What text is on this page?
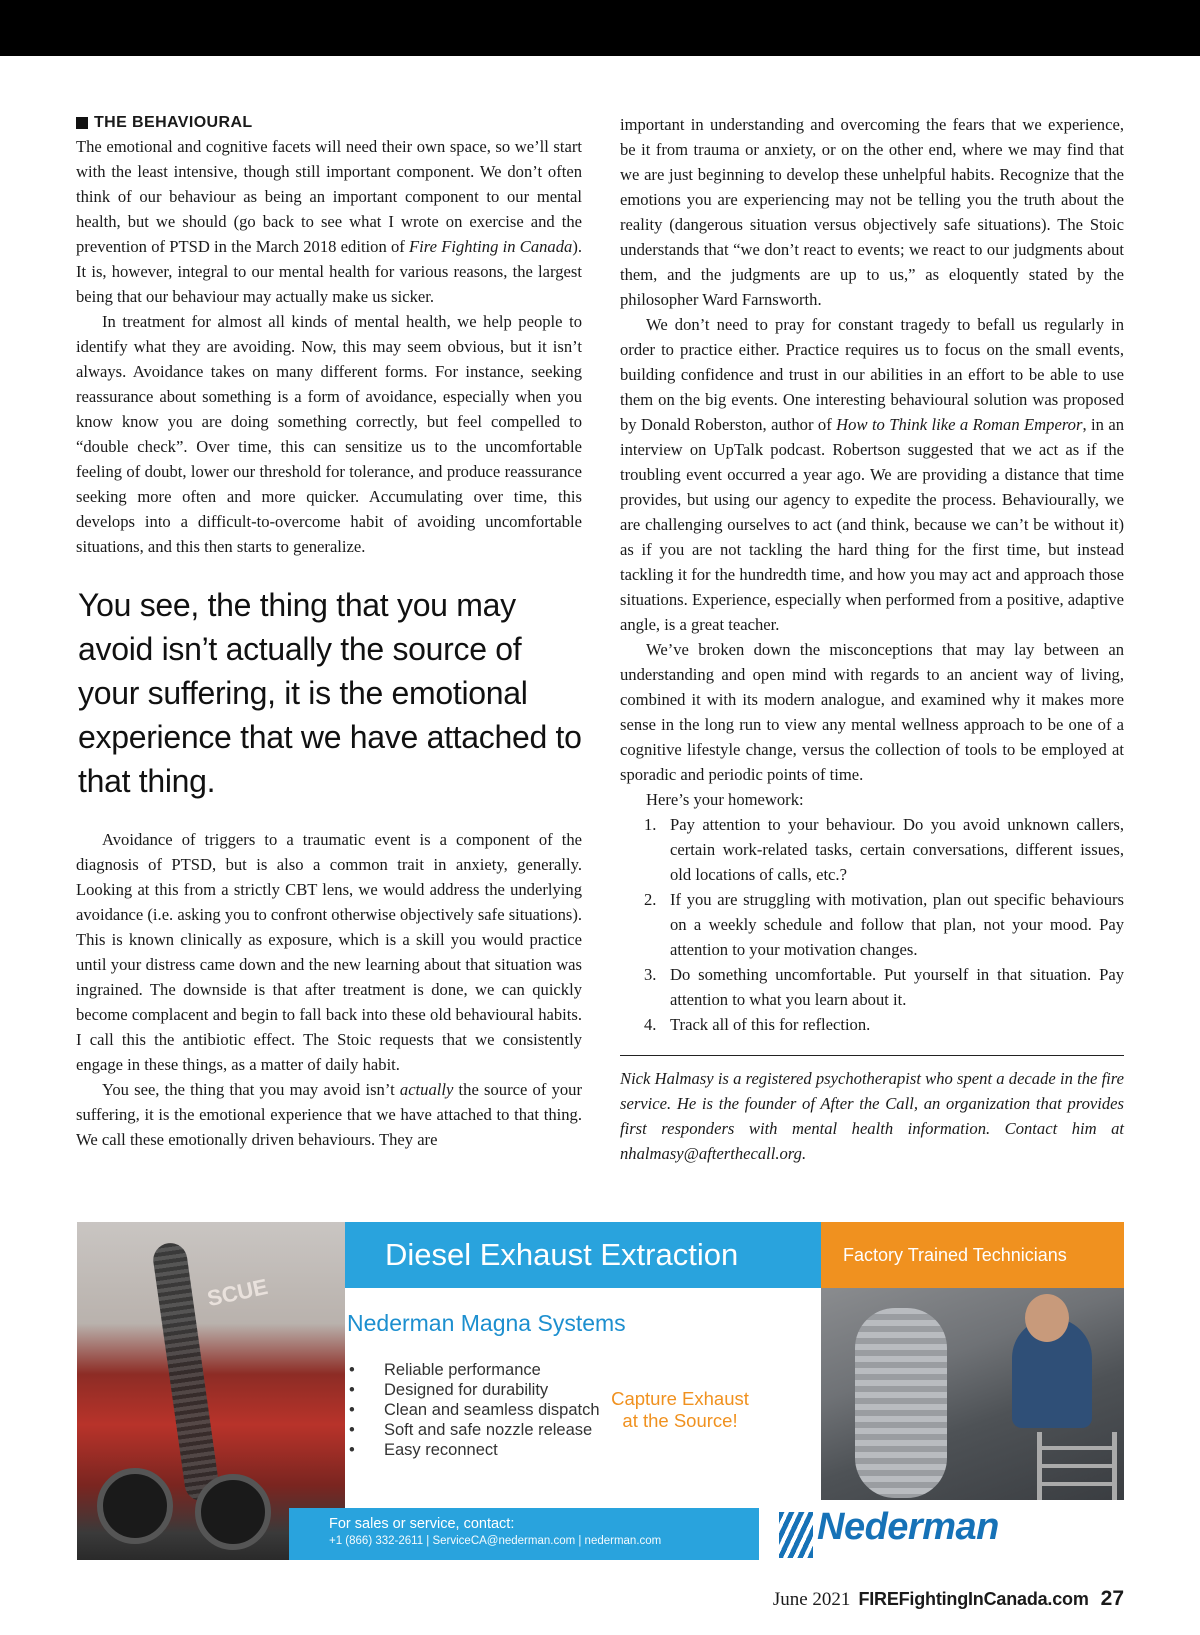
THE BEHAVIOURAL

The emotional and cognitive facets will need their own space, so we’ll start with the least intensive, though still important component. We don’t often think of our behaviour as being an important component to our mental health, but we should (go back to see what I wrote on exercise and the prevention of PTSD in the March 2018 edition of Fire Fighting in Canada). It is, however, integral to our mental health for various reasons, the largest being that our behaviour may actually make us sicker.

In treatment for almost all kinds of mental health, we help people to identify what they are avoiding. Now, this may seem obvious, but it isn’t always. Avoidance takes on many different forms. For instance, seeking reassurance about something is a form of avoidance, especially when you know know you are doing something correctly, but feel compelled to “double check”. Over time, this can sensitize us to the uncomfortable feeling of doubt, lower our threshold for tolerance, and produce reassurance seeking more often and more quicker. Accumulating over time, this develops into a difficult-to-overcome habit of avoiding uncomfortable situations, and this then starts to generalize.

You see, the thing that you may avoid isn’t actually the source of your suffering, it is the emotional experience that we have attached to that thing.

Avoidance of triggers to a traumatic event is a component of the diagnosis of PTSD, but is also a common trait in anxiety, generally. Looking at this from a strictly CBT lens, we would address the underlying avoidance (i.e. asking you to confront otherwise objectively safe situations). This is known clinically as exposure, which is a skill you would practice until your distress came down and the new learning about that situation was ingrained. The downside is that after treatment is done, we can quickly become complacent and begin to fall back into these old behavioural habits. I call this the antibiotic effect. The Stoic requests that we consistently engage in these things, as a matter of daily habit.

You see, the thing that you may avoid isn’t actually the source of your suffering, it is the emotional experience that we have attached to that thing. We call these emotionally driven behaviours. They are

important in understanding and overcoming the fears that we experience, be it from trauma or anxiety, or on the other end, where we may find that we are just beginning to develop these unhelpful habits. Recognize that the emotions you are experiencing may not be telling you the truth about the reality (dangerous situation versus objectively safe situations). The Stoic understands that “we don’t react to events; we react to our judgments about them, and the judgments are up to us,” as eloquently stated by the philosopher Ward Farnsworth.

We don’t need to pray for constant tragedy to befall us regularly in order to practice either. Practice requires us to focus on the small events, building confidence and trust in our abilities in an effort to be able to use them on the big events. One interesting behavioural solution was proposed by Donald Roberston, author of How to Think like a Roman Emperor, in an interview on UpTalk podcast. Robertson suggested that we act as if the troubling event occurred a year ago. We are providing a distance that time provides, but using our agency to expedite the process. Behaviourally, we are challenging ourselves to act (and think, because we can’t be without it) as if you are not tackling the hard thing for the first time, but instead tackling it for the hundredth time, and how you may act and approach those situations. Experience, especially when performed from a positive, adaptive angle, is a great teacher.

We’ve broken down the misconceptions that may lay between an understanding and open mind with regards to an ancient way of living, combined it with its modern analogue, and examined why it makes more sense in the long run to view any mental wellness approach to be one of a cognitive lifestyle change, versus the collection of tools to be employed at sporadic and periodic points of time.

Here’s your homework:

1. Pay attention to your behaviour. Do you avoid unknown callers, certain work-related tasks, certain conversations, different issues, old locations of calls, etc.?
2. If you are struggling with motivation, plan out specific behaviours on a weekly schedule and follow that plan, not your mood. Pay attention to your motivation changes.
3. Do something uncomfortable. Put yourself in that situation. Pay attention to what you learn about it.
4. Track all of this for reflection.

Nick Halmasy is a registered psychotherapist who spent a decade in the fire service. He is the founder of After the Call, an organization that provides first responders with mental health information. Contact him at nhalmasy@afterthecall.org.

SCUE
Diesel Exhaust Extraction	Factory Trained Technicians
Nederman Magna Systems
• Reliable performance
• Designed for durability
• Clean and seamless dispatch
• Soft and safe nozzle release
• Easy reconnect
Capture Exhaust at the Source!
For sales or service, contact:
+1 (866) 332-2611 | ServiceCA@nederman.com | nederman.com	Nederman
June 2021 FIREFightingInCanada.com 27
